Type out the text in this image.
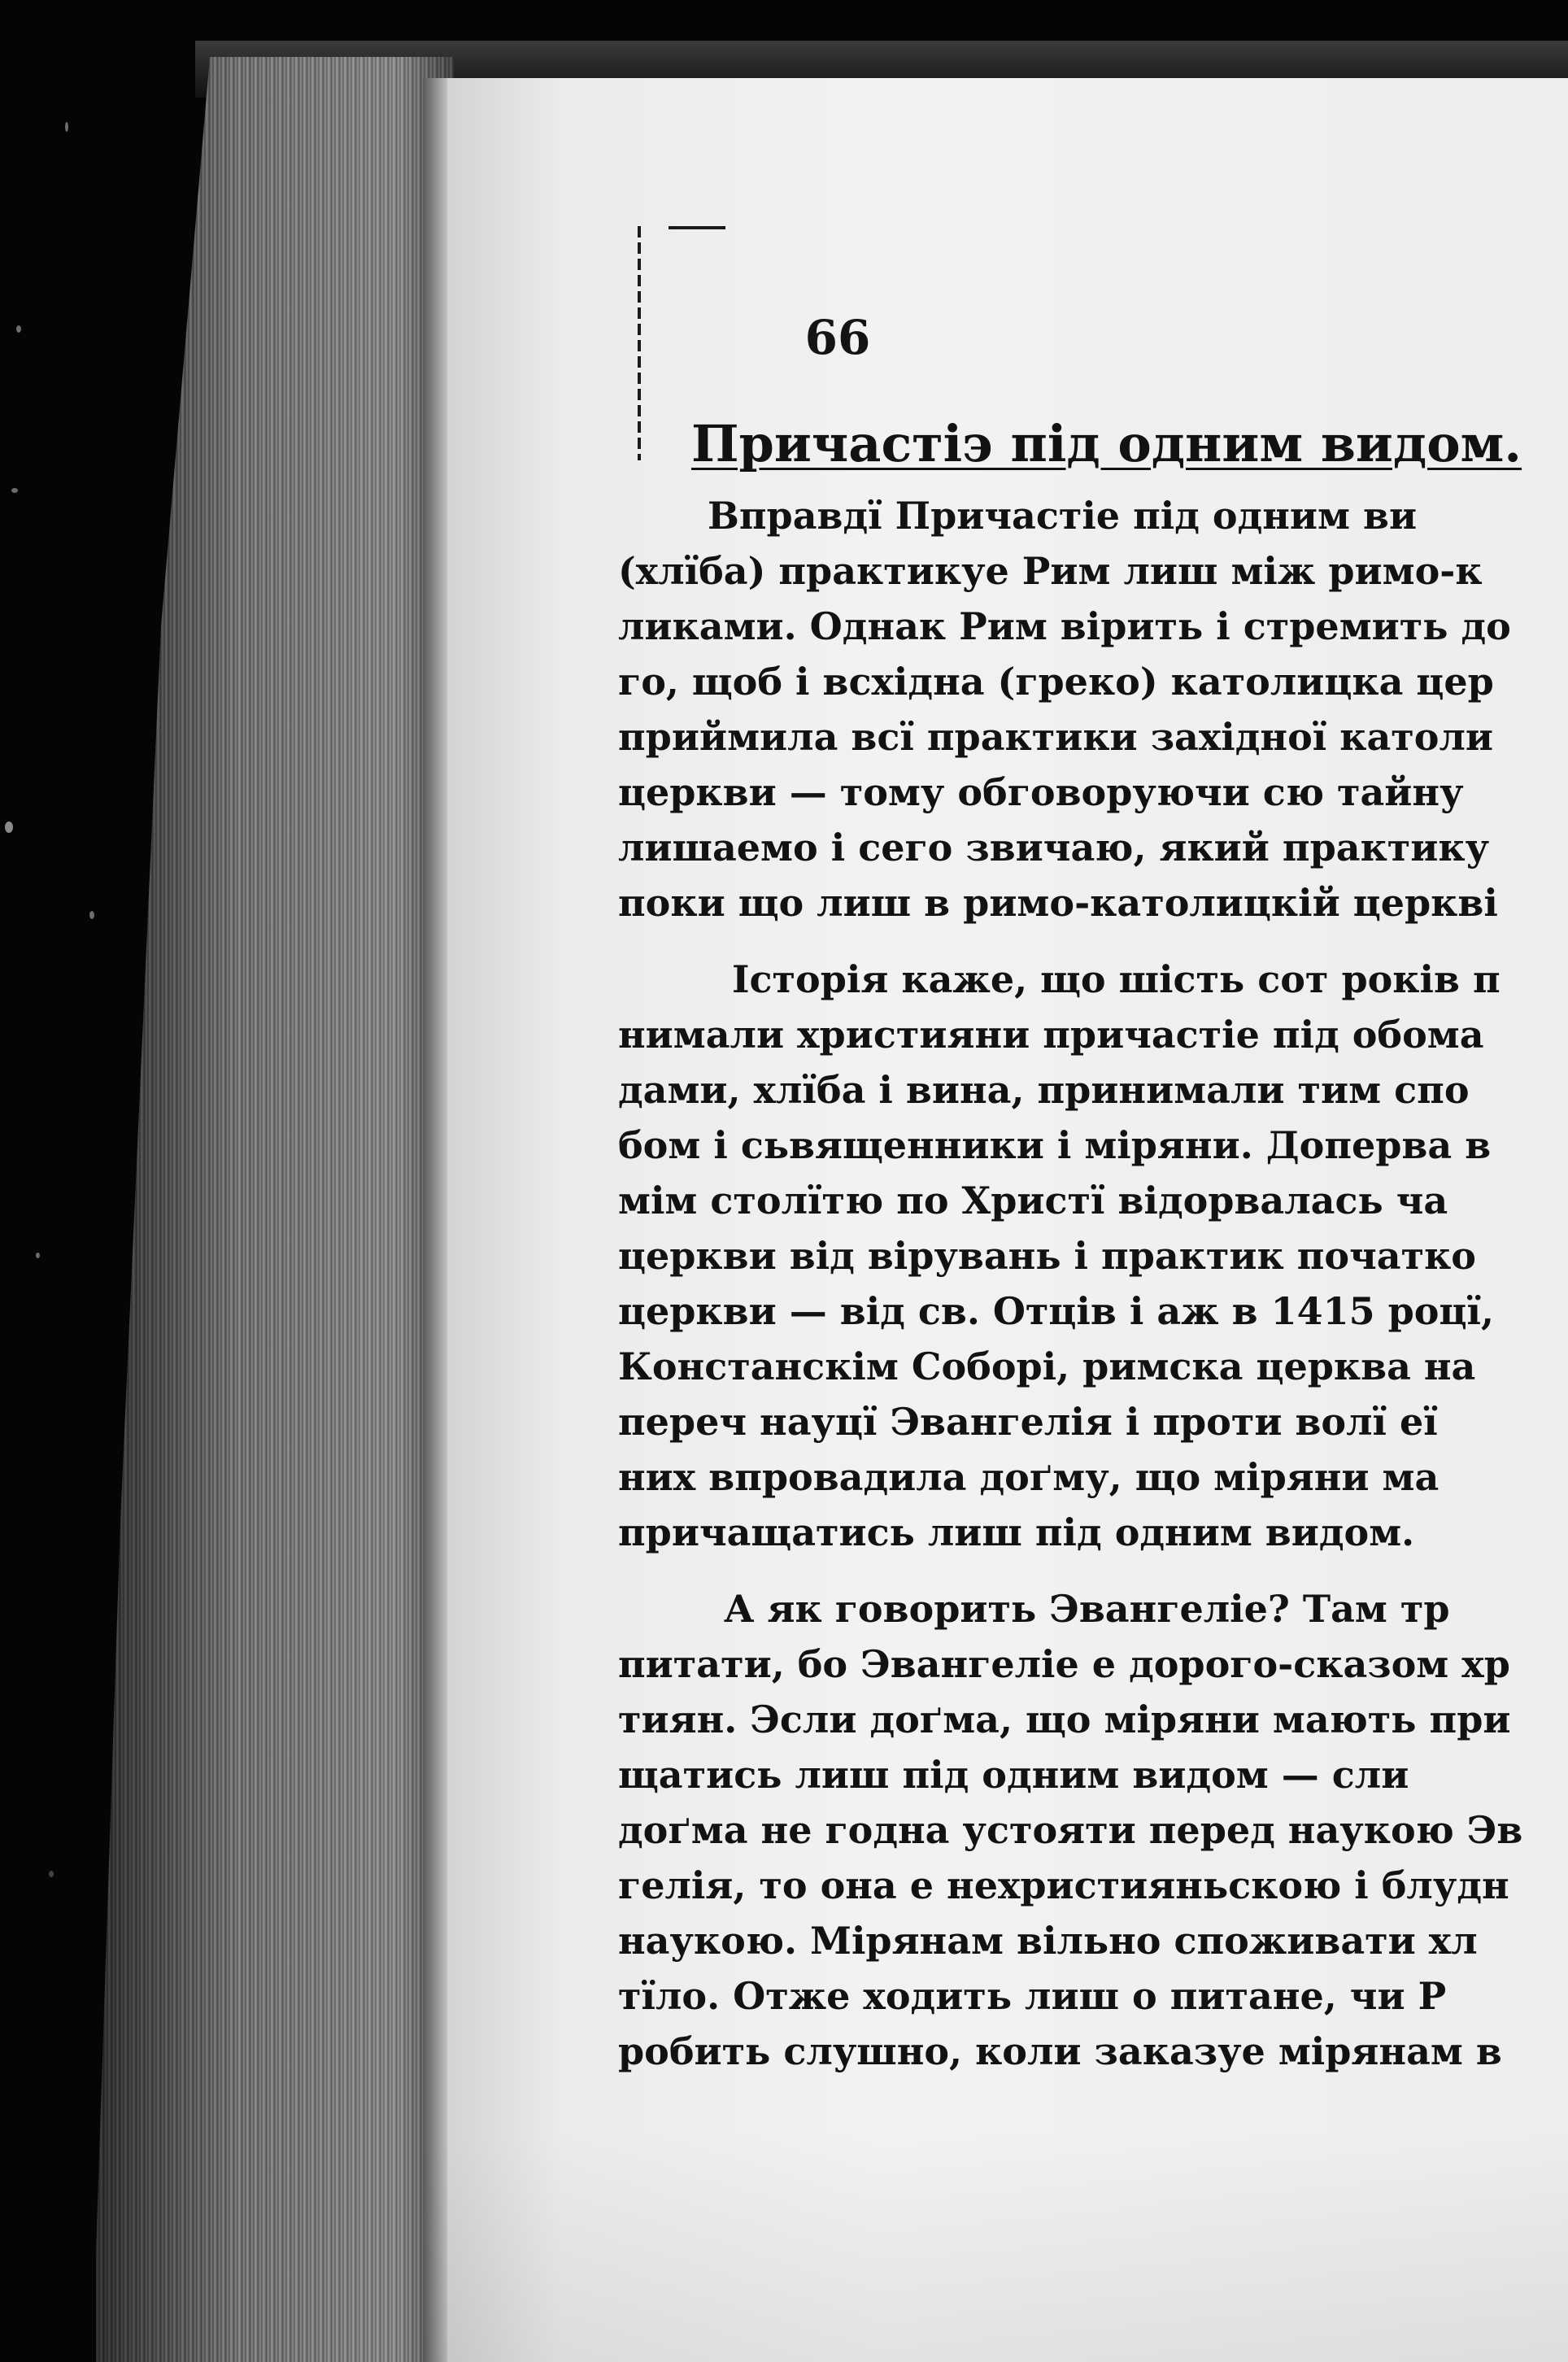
66
Причастіэ під одним видом.
Вправдї Причастіе під одним ви
(хлїба) практикуе Рим лиш між римо-к
ликами. Однак Рим вірить і стремить до
го, щоб і всхідна (греко) католицка цер
приймила всї практики західної католи
церкви — тому обговоруючи сю тайну
лишаемо і сего звичаю, який практику
поки що лиш в римо-католицкій церкві
Історія каже, що шість сот років п
нимали християни причастіе під обома
дами, хлїба і вина, принимали тим спо
бом і сьвященники і міряни. Доперва в
мім столїтю по Христї відорвалась ча
церкви від вірувань і практик початко
церкви — від св. Отців і аж в 1415 роцї,
Констанскім Соборі, римска церква на
переч науцї Эвангелія і проти волї еї
них впровадила доґму, що міряни ма
причащатись лиш під одним видом.
А як говорить Эвангеліе? Там тр
питати, бо Эвангеліе е дорого-сказом хр
тиян. Эсли доґма, що міряни мають при
щатись лиш під одним видом — сли
доґма не годна устояти перед наукою Эв
гелія, то она е нехристияньскою і блудн
наукою. Мірянам вільно споживати хл
тїло. Отже ходить лиш о питане, чи Р
робить слушно, коли заказуе мірянам в
